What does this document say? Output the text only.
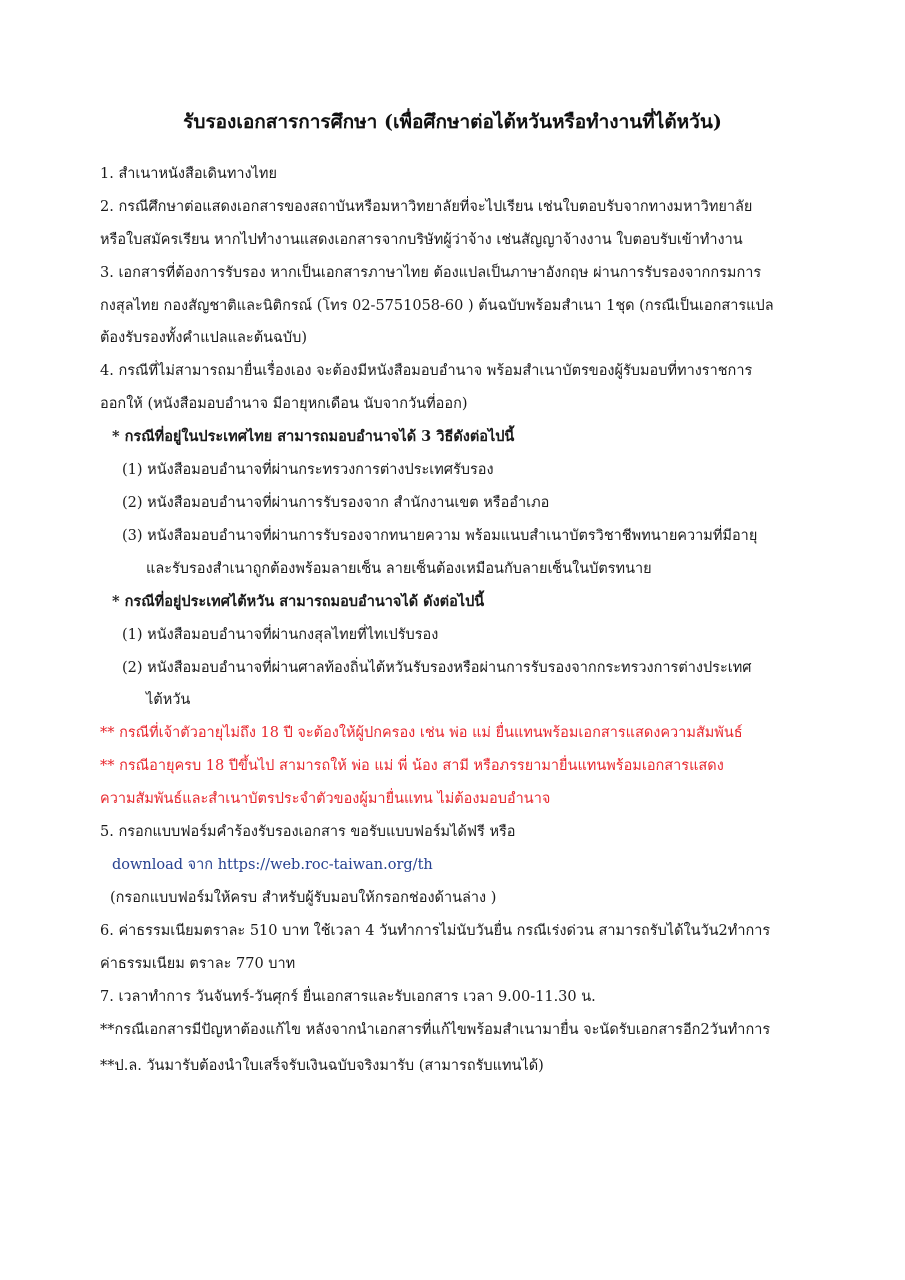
รับรองเอกสารการศึกษา (เพื่อศึกษาต่อไต้หวันหรือทำงานที่ไต้หวัน)
1. สำเนาหนังสือเดินทางไทย
2. กรณีศึกษาต่อแสดงเอกสารของสถาบันหรือมหาวิทยาลัยที่จะไปเรียน เช่นใบตอบรับจากทางมหาวิทยาลัย
หรือใบสมัครเรียน หากไปทำงานแสดงเอกสารจากบริษัทผู้ว่าจ้าง เช่นสัญญาจ้างงาน ใบตอบรับเข้าทำงาน
3. เอกสารที่ต้องการรับรอง หากเป็นเอกสารภาษาไทย ต้องแปลเป็นภาษาอังกฤษ ผ่านการรับรองจากกรมการ
กงสุลไทย กองสัญชาติและนิติกรณ์ (โทร 02-5751058-60 ) ต้นฉบับพร้อมสำเนา 1ชุด (กรณีเป็นเอกสารแปล
ต้องรับรองทั้งคำแปลและต้นฉบับ)
4. กรณีที่ไม่สามารถมายื่นเรื่องเอง จะต้องมีหนังสือมอบอำนาจ พร้อมสำเนาบัตรของผู้รับมอบที่ทางราชการ
ออกให้ (หนังสือมอบอำนาจ มีอายุหกเดือน นับจากวันที่ออก)
* กรณีที่อยู่ในประเทศไทย สามารถมอบอำนาจได้ 3 วิธีดังต่อไปนี้
(1) หนังสือมอบอำนาจที่ผ่านกระทรวงการต่างประเทศรับรอง
(2) หนังสือมอบอำนาจที่ผ่านการรับรองจาก สำนักงานเขต หรืออำเภอ
(3) หนังสือมอบอำนาจที่ผ่านการรับรองจากทนายความ พร้อมแนบสำเนาบัตรวิชาชีพทนายความที่มีอายุ
และรับรองสำเนาถูกต้องพร้อมลายเซ็น ลายเซ็นต้องเหมือนกับลายเซ็นในบัตรทนาย
* กรณีที่อยู่ประเทศไต้หวัน สามารถมอบอำนาจได้ ดังต่อไปนี้
(1) หนังสือมอบอำนาจที่ผ่านกงสุลไทยที่ไทเปรับรอง
(2) หนังสือมอบอำนาจที่ผ่านศาลท้องถิ่นไต้หวันรับรองหรือผ่านการรับรองจากกระทรวงการต่างประเทศ
ไต้หวัน
** กรณีที่เจ้าตัวอายุไม่ถึง 18 ปี จะต้องให้ผู้ปกครอง เช่น พ่อ แม่ ยื่นแทนพร้อมเอกสารแสดงความสัมพันธ์
** กรณีอายุครบ 18 ปีขึ้นไป สามารถให้ พ่อ แม่ พี่ น้อง สามี หรือภรรยามายื่นแทนพร้อมเอกสารแสดง
ความสัมพันธ์และสำเนาบัตรประจำตัวของผู้มายื่นแทน ไม่ต้องมอบอำนาจ
5. กรอกแบบฟอร์มคำร้องรับรองเอกสาร ขอรับแบบฟอร์มได้ฟรี หรือ
download จาก https://web.roc-taiwan.org/th
(กรอกแบบฟอร์มให้ครบ สำหรับผู้รับมอบให้กรอกช่องด้านล่าง )
6. ค่าธรรมเนียมตราละ 510 บาท ใช้เวลา 4 วันทำการไม่นับวันยื่น กรณีเร่งด่วน สามารถรับได้ในวัน2ทำการ
ค่าธรรมเนียม ตราละ 770 บาท
7. เวลาทำการ วันจันทร์-วันศุกร์ ยื่นเอกสารและรับเอกสาร เวลา 9.00-11.30 น.
**กรณีเอกสารมีปัญหาต้องแก้ไข หลังจากนำเอกสารที่แก้ไขพร้อมสำเนามายื่น จะนัดรับเอกสารอีก2วันทำการ
**ป.ล. วันมารับต้องนำใบเสร็จรับเงินฉบับจริงมารับ (สามารถรับแทนได้)
